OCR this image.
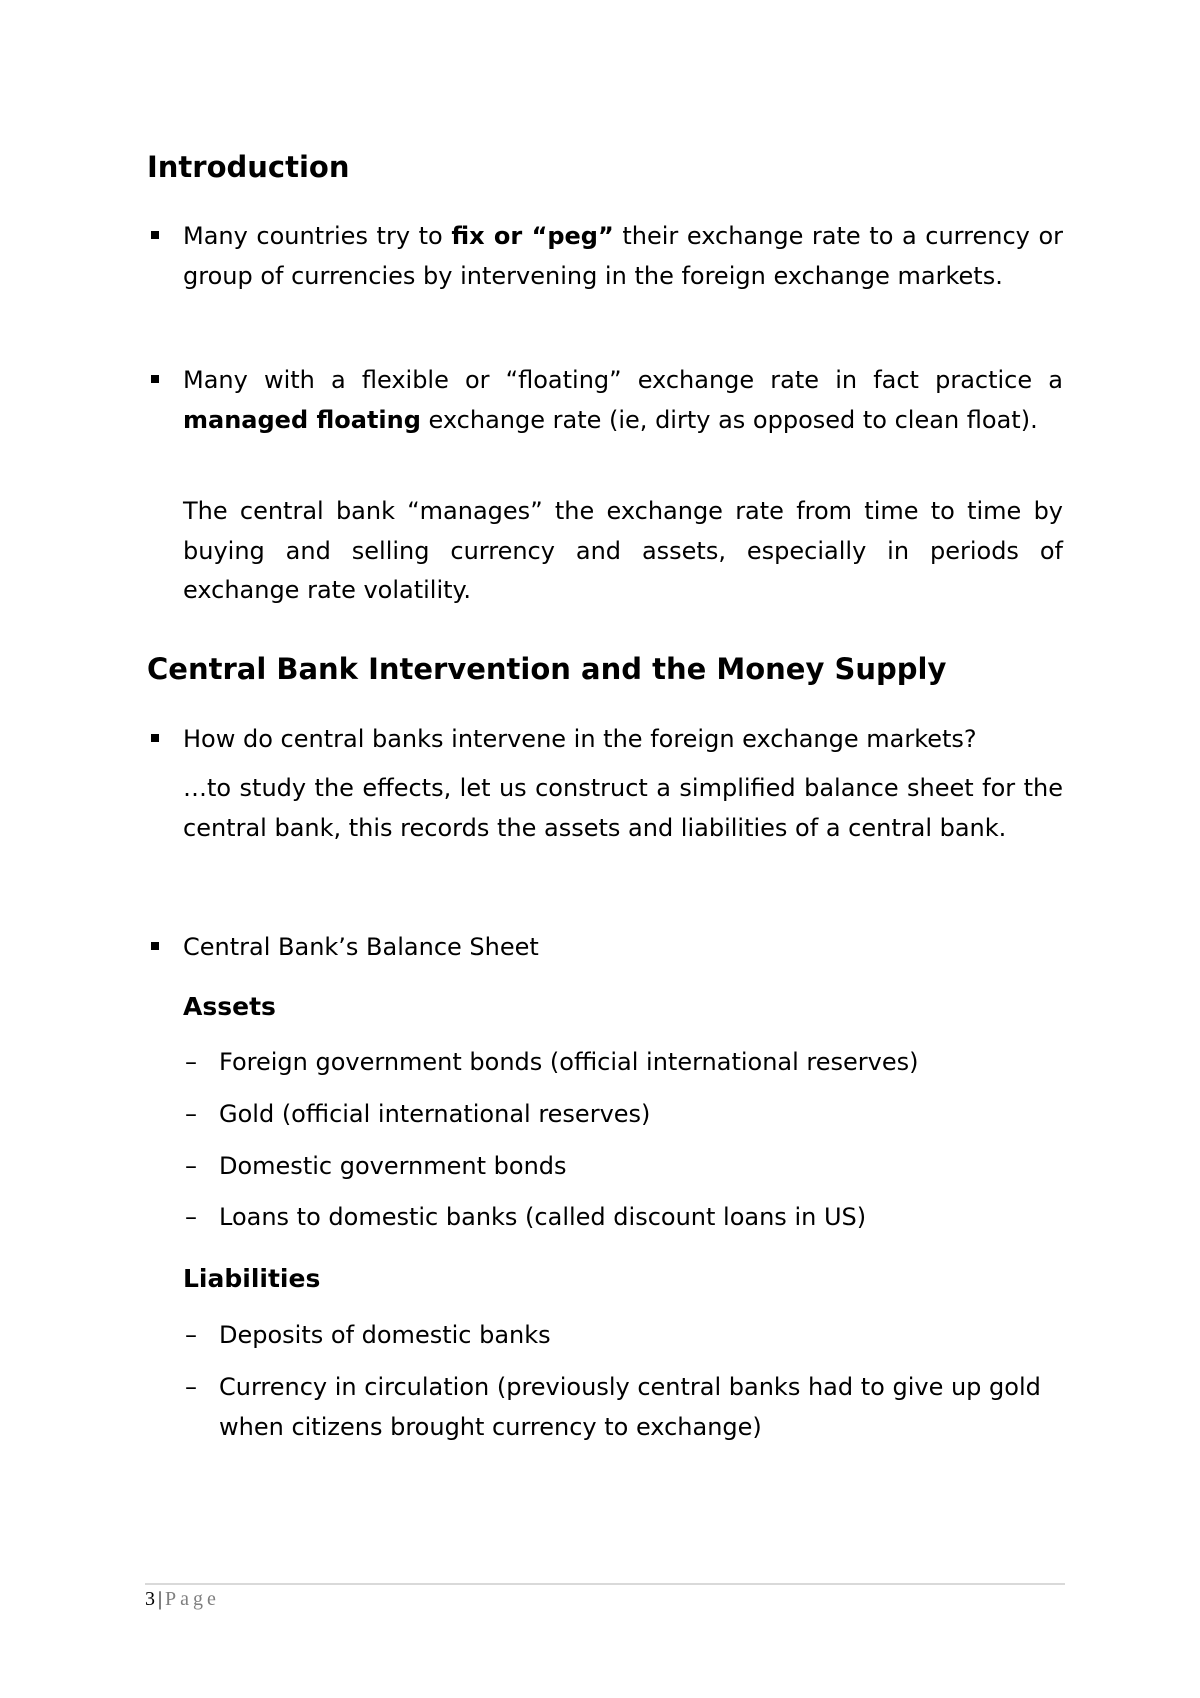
Introduction

Many countries try to fix or “peg” their exchange rate to a currency or group of currencies by intervening in the foreign exchange markets.

Many with a flexible or “floating” exchange rate in fact practice a managed floating exchange rate (ie, dirty as opposed to clean float).

The central bank “manages” the exchange rate from time to time by buying and selling currency and assets, especially in periods of exchange rate volatility.

Central Bank Intervention and the Money Supply

How do central banks intervene in the foreign exchange markets?

…to study the effects, let us construct a simplified balance sheet for the central bank, this records the assets and liabilities of a central bank.

Central Bank’s Balance Sheet

Assets
– Foreign government bonds (official international reserves)
– Gold (official international reserves)
– Domestic government bonds
– Loans to domestic banks (called discount loans in US)
Liabilities
– Deposits of domestic banks
– Currency in circulation (previously central banks had to give up gold when citizens brought currency to exchange)
3 | Page
